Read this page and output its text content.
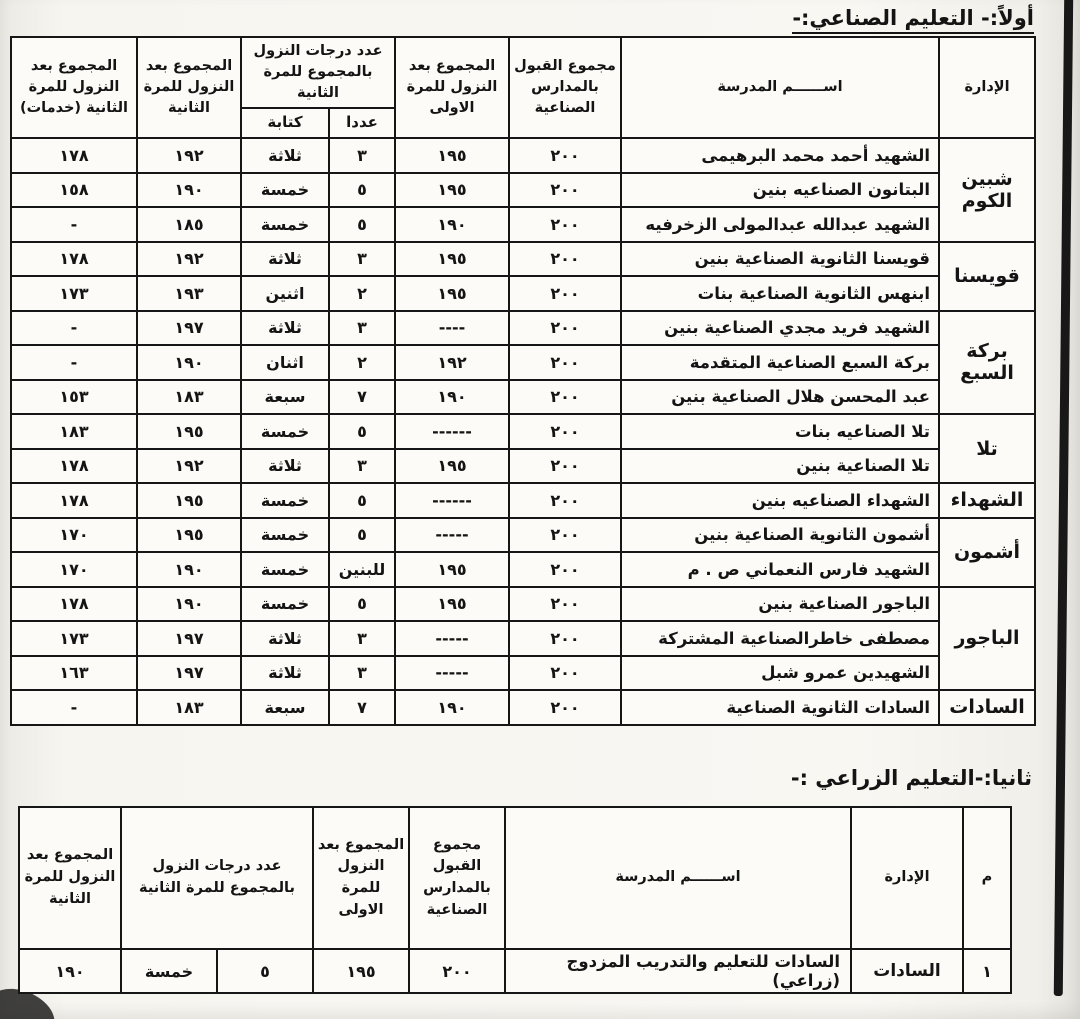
أولاً:- التعليم الصناعي:-
الإدارة	اســــــم المدرسة	مجموع القبول بالمدارس الصناعية	المجموع بعد النزول للمرة الاولى	عدد درجات النزول بالمجموع للمرة الثانية		المجموع بعد النزول للمرة الثانية	المجموع بعد النزول للمرة الثانية (خدمات)
				عددا	كتابة		
شبين الكوم	الشهيد أحمد محمد البرهيمى	٢٠٠	١٩٥	٣	ثلاثة	١٩٢	١٧٨
	البتانون الصناعيه بنين	٢٠٠	١٩٥	٥	خمسة	١٩٠	١٥٨
	الشهيد عبدالله عبدالمولى الزخرفيه	٢٠٠	١٩٠	٥	خمسة	١٨٥	-
قويسنا	قويسنا الثانوية الصناعية بنين	٢٠٠	١٩٥	٣	ثلاثة	١٩٢	١٧٨
	ابنهس الثانوية الصناعية بنات	٢٠٠	١٩٥	٢	اثنين	١٩٣	١٧٣
بركة السبع	الشهيد فريد مجدي الصناعية بنين	٢٠٠	----	٣	ثلاثة	١٩٧	-
	بركة السبع الصناعية المتقدمة	٢٠٠	١٩٢	٢	اثنان	١٩٠	-
	عبد المحسن هلال الصناعية بنين	٢٠٠	١٩٠	٧	سبعة	١٨٣	١٥٣
تلا	تلا الصناعيه بنات	٢٠٠	------	٥	خمسة	١٩٥	١٨٣
	تلا الصناعية بنين	٢٠٠	١٩٥	٣	ثلاثة	١٩٢	١٧٨
الشهداء	الشهداء الصناعيه بنين	٢٠٠	------	٥	خمسة	١٩٥	١٧٨
أشمون	أشمون الثانوية الصناعية بنين	٢٠٠	-----	٥	خمسة	١٩٥	١٧٠
	الشهيد فارس النعماني ص . م	٢٠٠	١٩٥	للبنين	خمسة	١٩٠	١٧٠
الباجور	الباجور الصناعية بنين	٢٠٠	١٩٥	٥	خمسة	١٩٠	١٧٨
	مصطفى خاطرالصناعية المشتركة	٢٠٠	-----	٣	ثلاثة	١٩٧	١٧٣
	الشهيدين عمرو شبل	٢٠٠	-----	٣	ثلاثة	١٩٧	١٦٣
السادات	السادات الثانوية الصناعية	٢٠٠	١٩٠	٧	سبعة	١٨٣	-
ثانيا:-التعليم الزراعي :-
م	الإدارة	اســــــم المدرسة	مجموع القبول بالمدارس الصناعية	المجموع بعد النزول للمرة الاولى	عدد درجات النزول بالمجموع للمرة الثانية		المجموع بعد النزول للمرة الثانية
١	السادات	السادات للتعليم والتدريب المزدوج (زراعي)	٢٠٠	١٩٥	٥	خمسة	١٩٠
